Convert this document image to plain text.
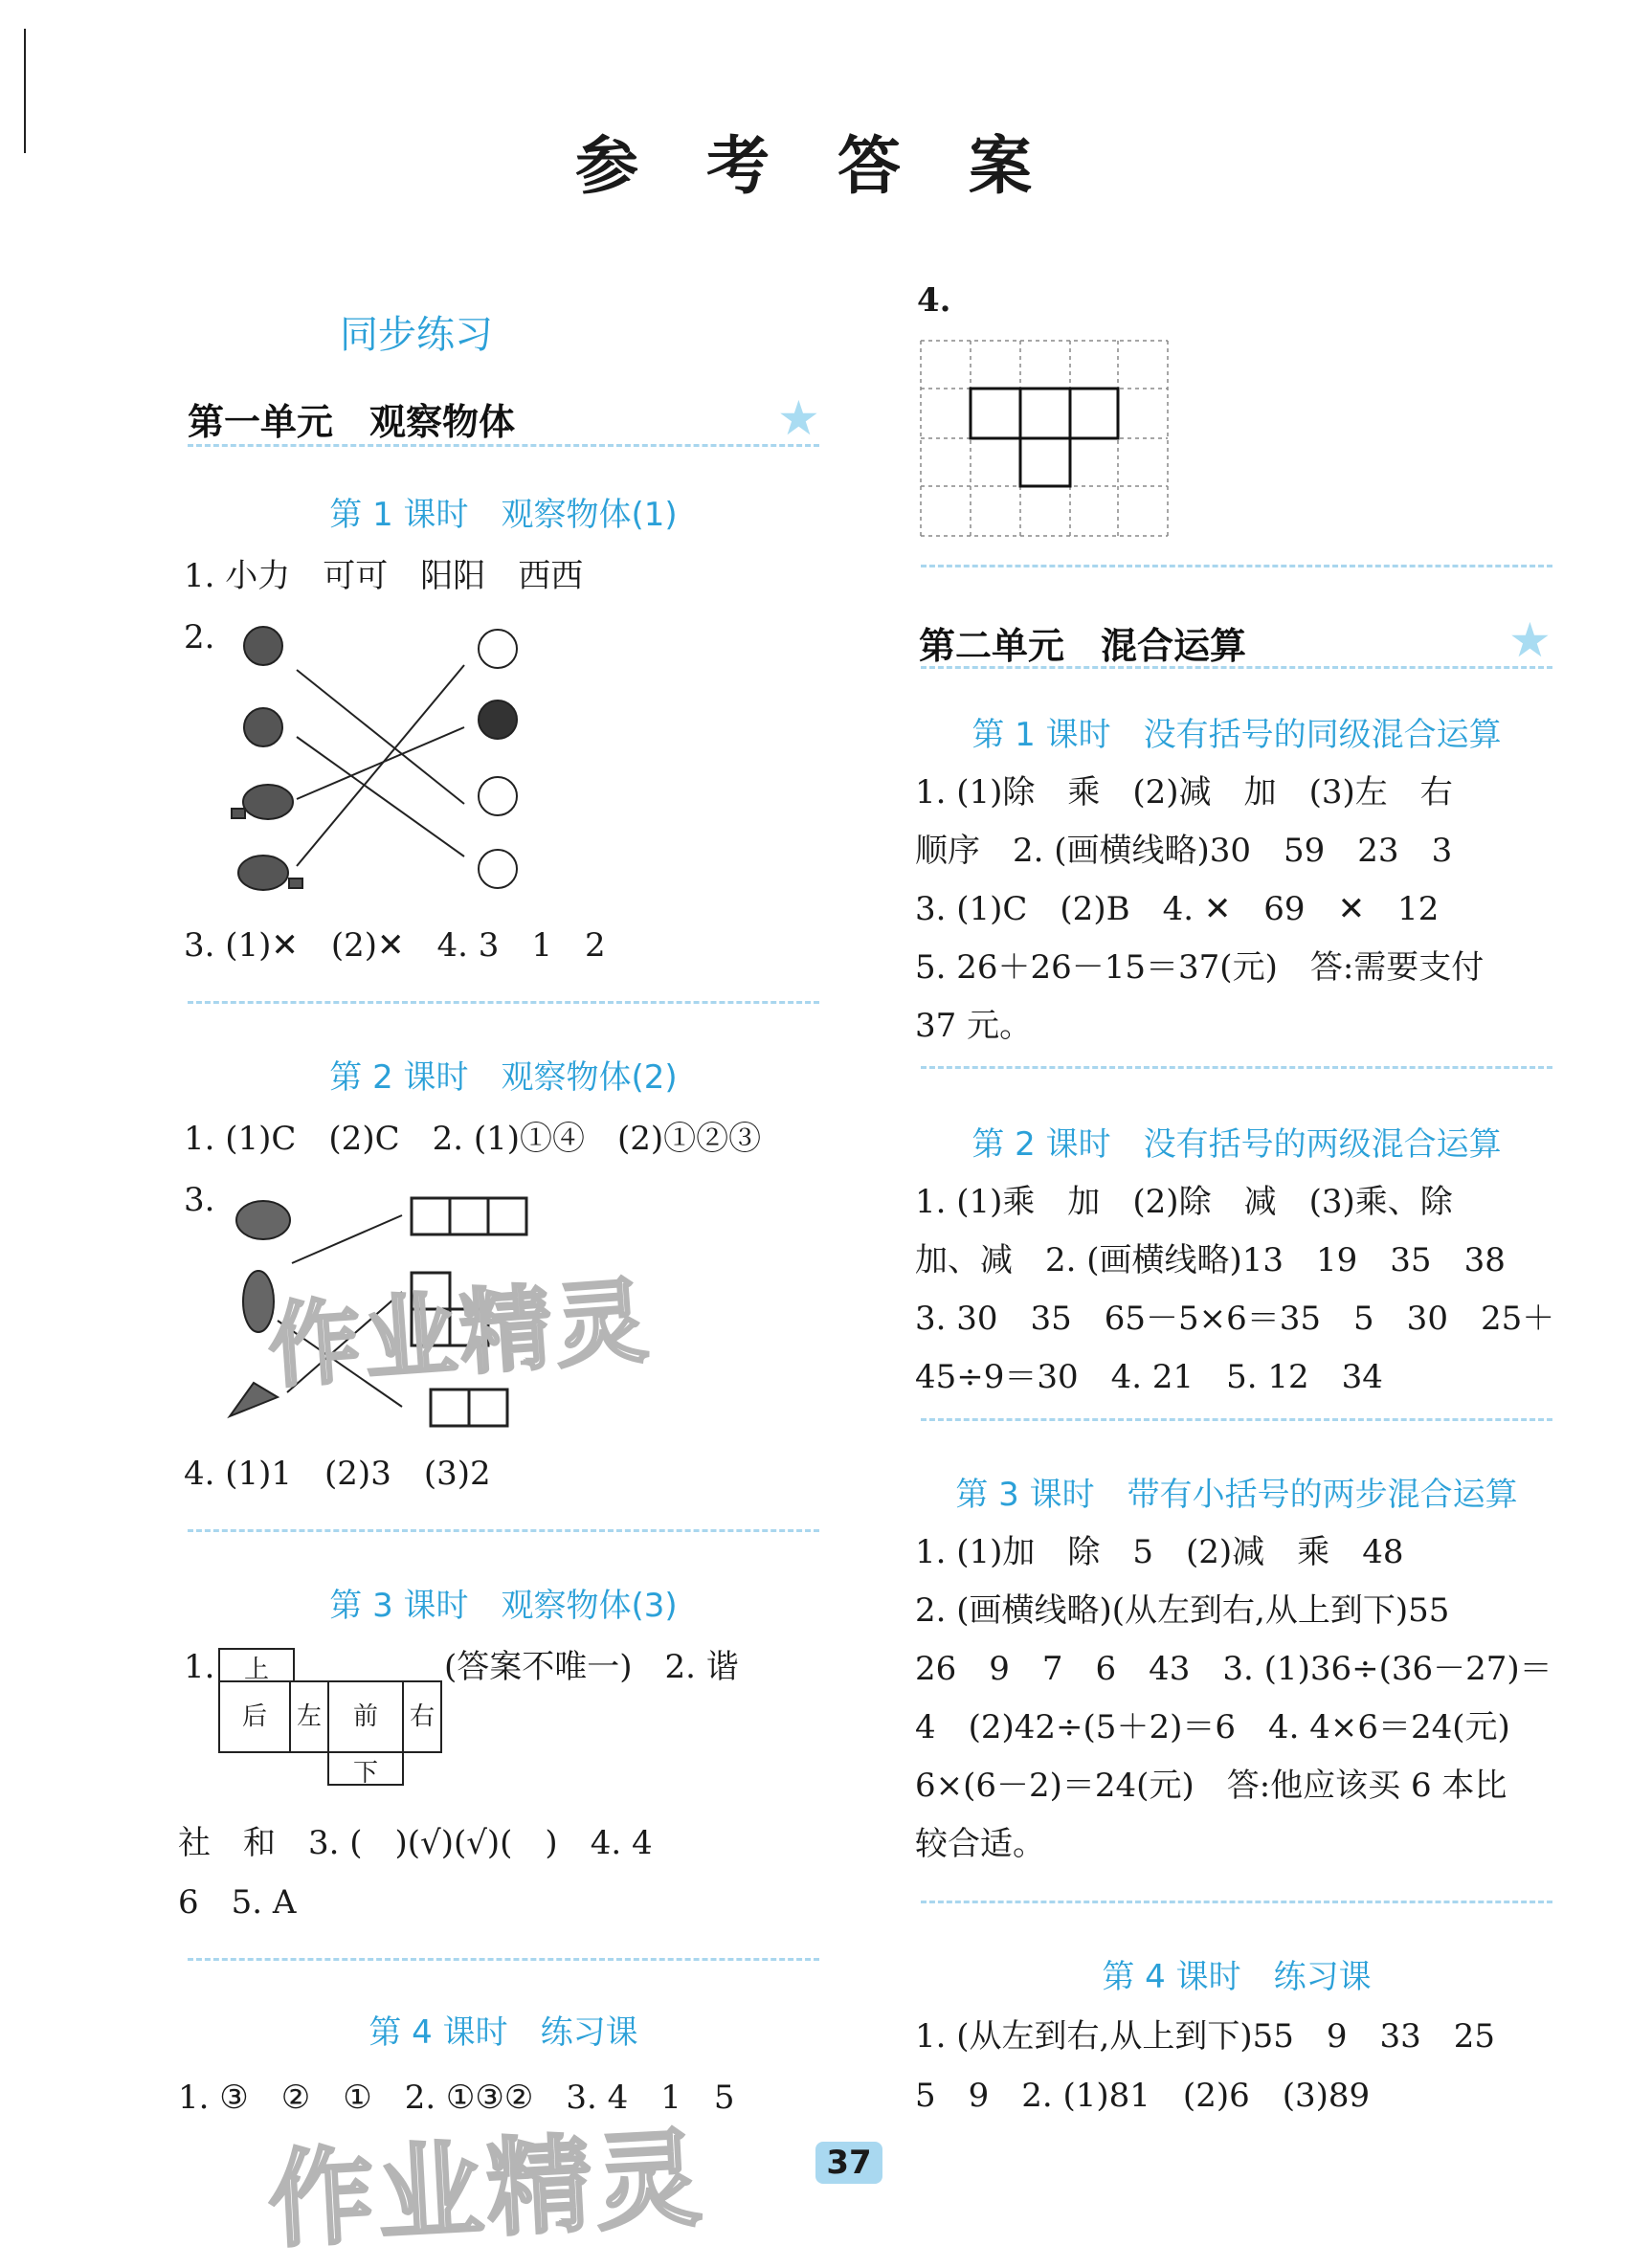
参 考 答 案
同步练习
第一单元　观察物体	★
第 1 课时　观察物体(1)
1. 小力　可可　阳阳　西西
2.
3. (1)✕　(2)✕　4. 3　1　2
第 2 课时　观察物体(2)
1. (1)C　(2)C　2. (1)①④　(2)①②③
3.
4. (1)1　(2)3　(3)2
第 3 课时　观察物体(3)
1.	上
后	左	前	右
下
(答案不唯一)　2. 谐
社　和　3. (　)(√)(√)(　)　4. 4
6　5. A
第 4 课时　练习课
1. ③　②　①　2. ①③②　3. 4　1　5
4.
第二单元　混合运算	★
第 1 课时　没有括号的同级混合运算
1. (1)除　乘　(2)减　加　(3)左　右
顺序　2. (画横线略)30　59　23　3
3. (1)C　(2)B　4. ✕　69　✕　12
5. 26＋26－15＝37(元)　答:需要支付
37 元。
第 2 课时　没有括号的两级混合运算
1. (1)乘　加　(2)除　减　(3)乘、除
加、减　2. (画横线略)13　19　35　38
3. 30　35　65－5×6＝35　5　30　25＋
45÷9＝30　4. 21　5. 12　34
第 3 课时　带有小括号的两步混合运算
1. (1)加　除　5　(2)减　乘　48
2. (画横线略)(从左到右,从上到下)55
26　9　7　6　43　3. (1)36÷(36－27)＝
4　(2)42÷(5＋2)＝6　4. 4×6＝24(元)
6×(6－2)＝24(元)　答:他应该买 6 本比
较合适。
第 4 课时　练习课
1. (从左到右,从上到下)55　9　33　25
5　9　2. (1)81　(2)6　(3)89
37
作业精灵
作业精灵
